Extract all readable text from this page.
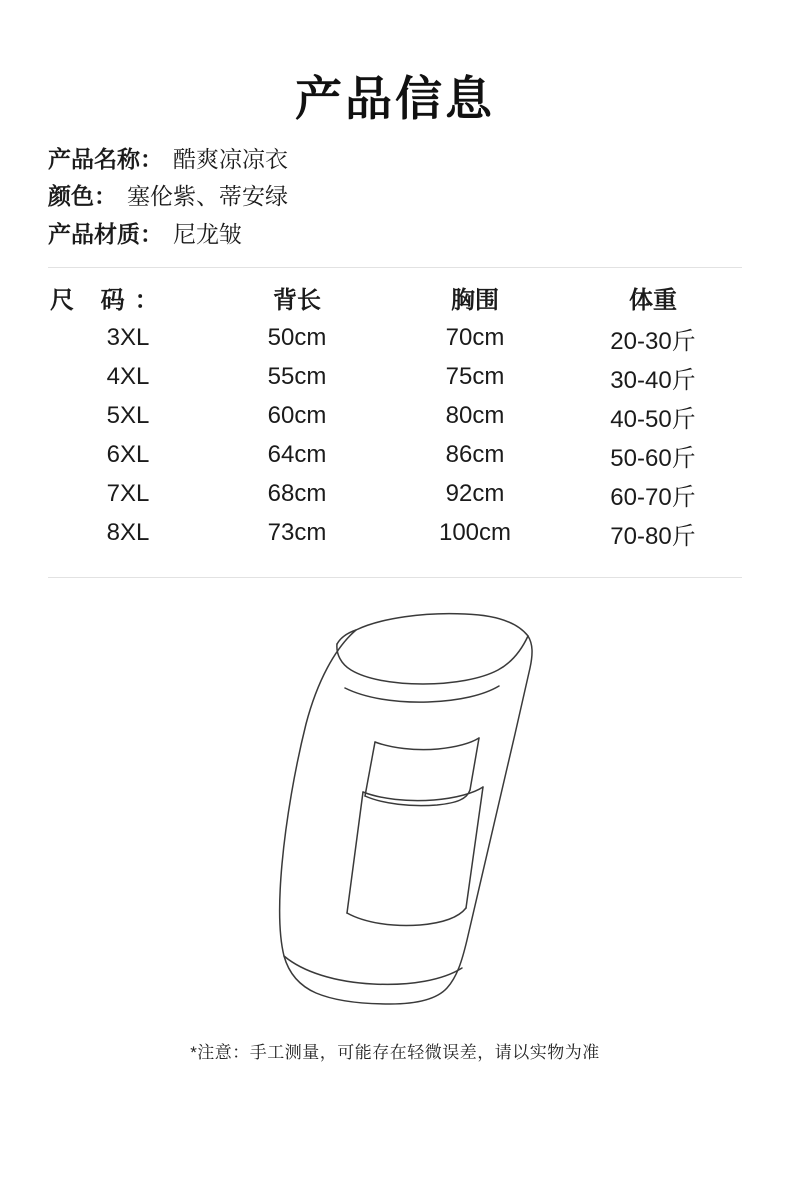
产品信息
产品名称： 酷爽凉凉衣
颜色： 塞伦紫、蒂安绿
产品材质： 尼龙皱
尺 码：	背长	胸围	体重
3XL	50cm	70cm	20-30斤
4XL	55cm	75cm	30-40斤
5XL	60cm	80cm	40-50斤
6XL	64cm	86cm	50-60斤
7XL	68cm	92cm	60-70斤
8XL	73cm	100cm	70-80斤
*注意：手工测量，可能存在轻微误差，请以实物为准
